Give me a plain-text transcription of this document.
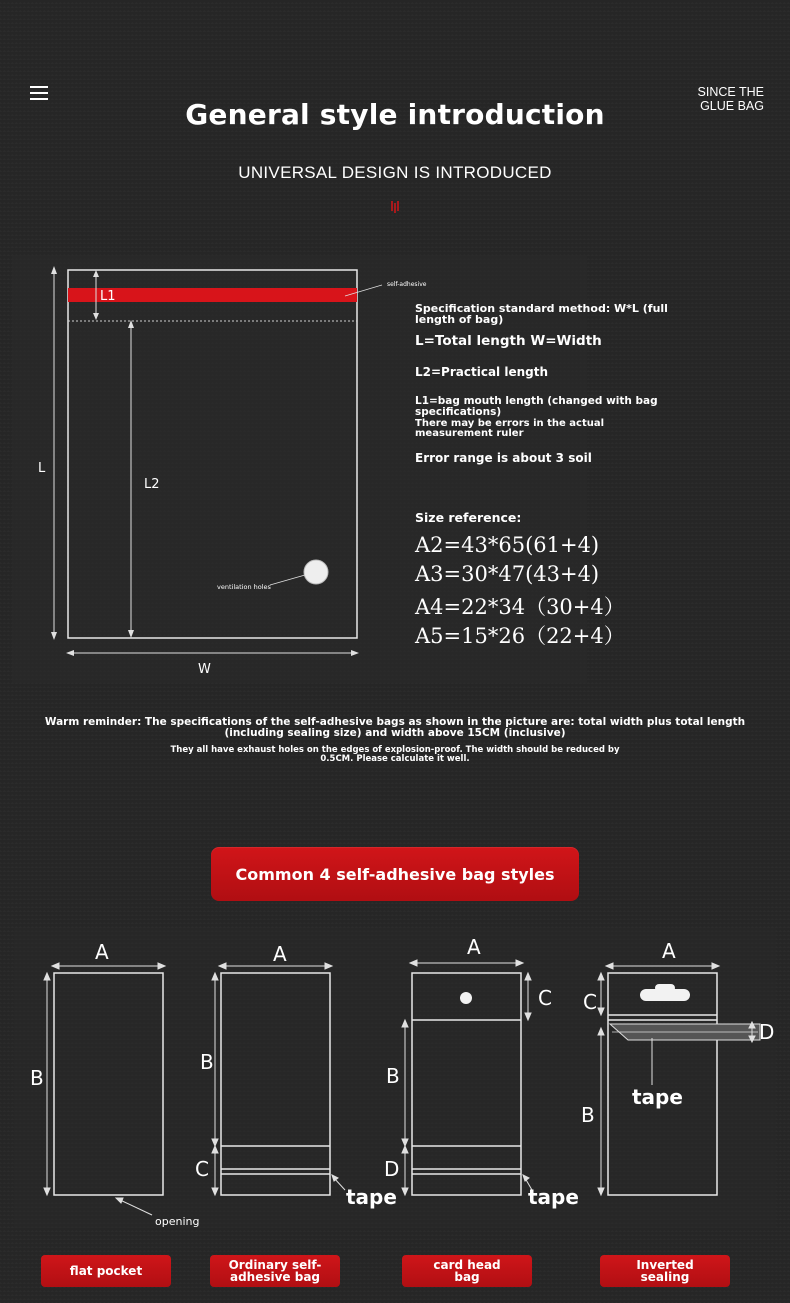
SINCE THE GLUE BAG
General style introduction
UNIVERSAL DESIGN IS INTRODUCED
L
L1
L2
W
self-adhesive
ventilation holes
Specification standard method: W*L (full length of bag)
L=Total length W=Width
L2=Practical length
L1=bag mouth length (changed with bag specifications)
There may be errors in the actual measurement ruler
Error range is about 3 soil
Size reference:
A2=43*65(61+4)
A3=30*47(43+4)
A4=22*34（30+4）
A5=15*26（22+4）
Warm reminder: The specifications of the self-adhesive bags as shown in the picture are: total width plus total length (including sealing size) and width above 15CM (inclusive)
They all have exhaust holes on the edges of explosion-proof. The width should be reduced by 0.5CM. Please calculate it well.
Common 4 self-adhesive bag styles
A	A	A	A
B
B
B
B
C
C C
D
D
opening
tape	tape
tape
flat pocket	Ordinary self-adhesive bag
card head bag
Inverted sealing
